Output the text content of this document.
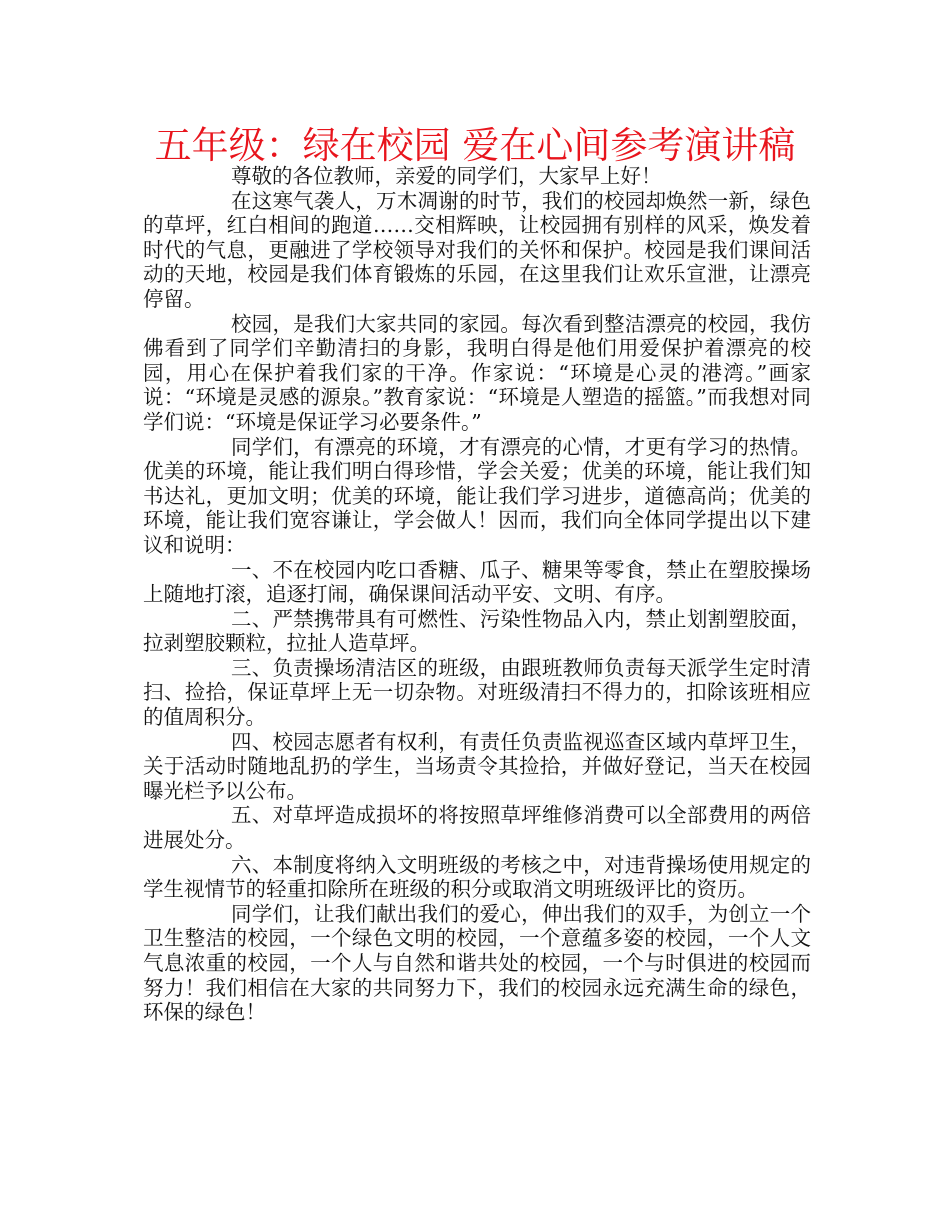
五年级：绿在校园 爱在心间参考演讲稿

尊敬的各位教师，亲爱的同学们，大家早上好！

在这寒气袭人，万木凋谢的时节，我们的校园却焕然一新，绿色的草坪，红白相间的跑道……交相辉映，让校园拥有别样的风采，焕发着时代的气息，更融进了学校领导对我们的关怀和保护。校园是我们课间活动的天地，校园是我们体育锻炼的乐园，在这里我们让欢乐宣泄，让漂亮停留。

校园，是我们大家共同的家园。每次看到整洁漂亮的校园，我仿佛看到了同学们辛勤清扫的身影，我明白得是他们用爱保护着漂亮的校园，用心在保护着我们家的干净。作家说：“环境是心灵的港湾。”画家说：“环境是灵感的源泉。”教育家说：“环境是人塑造的摇篮。”而我想对同学们说：“环境是保证学习必要条件。”

同学们，有漂亮的环境，才有漂亮的心情，才更有学习的热情。优美的环境，能让我们明白得珍惜，学会关爱；优美的环境，能让我们知书达礼，更加文明；优美的环境，能让我们学习进步，道德高尚；优美的环境，能让我们宽容谦让，学会做人！因而，我们向全体同学提出以下建议和说明：

一、不在校园内吃口香糖、瓜子、糖果等零食，禁止在塑胶操场上随地打滚，追逐打闹，确保课间活动平安、文明、有序。

二、严禁携带具有可燃性、污染性物品入内，禁止划割塑胶面，拉剥塑胶颗粒，拉扯人造草坪。

三、负责操场清洁区的班级，由跟班教师负责每天派学生定时清扫、捡拾，保证草坪上无一切杂物。对班级清扫不得力的，扣除该班相应的值周积分。

四、校园志愿者有权利，有责任负责监视巡查区域内草坪卫生，关于活动时随地乱扔的学生，当场责令其捡拾，并做好登记，当天在校园曝光栏予以公布。

五、对草坪造成损坏的将按照草坪维修消费可以全部费用的两倍进展处分。

六、本制度将纳入文明班级的考核之中，对违背操场使用规定的学生视情节的轻重扣除所在班级的积分或取消文明班级评比的资历。

同学们，让我们献出我们的爱心，伸出我们的双手，为创立一个卫生整洁的校园，一个绿色文明的校园，一个意蕴多姿的校园，一个人文气息浓重的校园，一个人与自然和谐共处的校园，一个与时俱进的校园而努力！我们相信在大家的共同努力下，我们的校园永远充满生命的绿色，环保的绿色！
